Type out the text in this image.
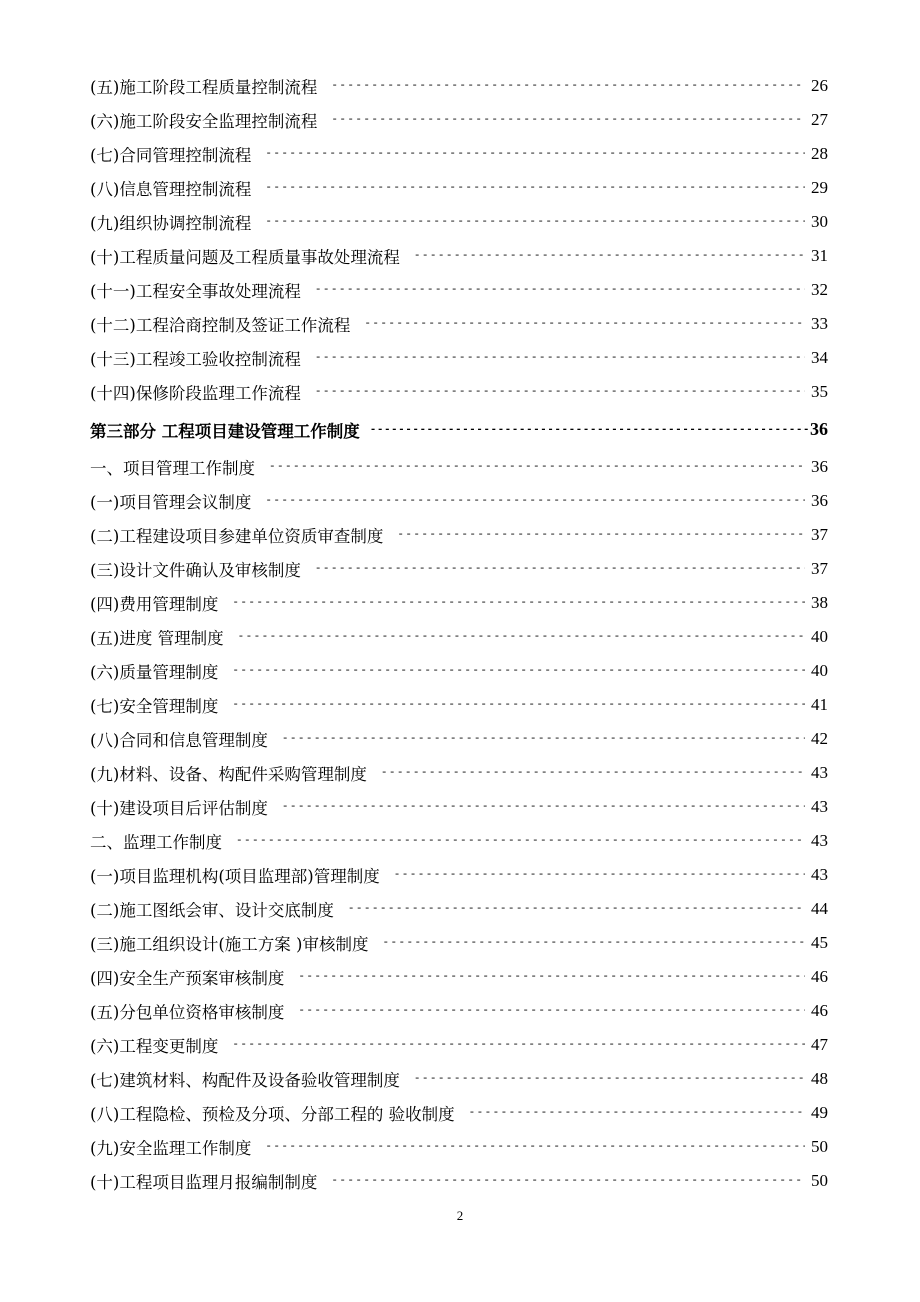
(五)施工阶段工程质量控制流程 -----	26
(六)施工阶段安全监理控制流程 -----	27
(七)合同管理控制流程 -----	28
(八)信息管理控制流程 -----	29
(九)组织协调控制流程 -----	30
(十)工程质量问题及工程质量事故处理流程 -----	31
(十一)工程安全事故处理流程 -----	32
(十二)工程洽商控制及签证工作流程 -----	33
(十三)工程竣工验收控制流程 -----	34
(十四)保修阶段监理工作流程 -----	35
第三部分 工程项目建设管理工作制度 -----	36
一、项目管理工作制度 -----	36
(一)项目管理会议制度 -----	36
(二)工程建设项目参建单位资质审查制度 -----	37
(三)设计文件确认及审核制度 -----	37
(四)费用管理制度 -----	38
(五)进度 管理制度 -----	40
(六)质量管理制度 -----	40
(七)安全管理制度 -----	41
(八)合同和信息管理制度 -----	42
(九)材料、设备、构配件采购管理制度 -----	43
(十)建设项目后评估制度 -----	43
二、监理工作制度 -----	43
(一)项目监理机构(项目监理部)管理制度 -----	43
(二)施工图纸会审、设计交底制度 -----	44
(三)施工组织设计(施工方案 )审核制度 -----	45
(四)安全生产预案审核制度 -----	46
(五)分包单位资格审核制度 -----	46
(六)工程变更制度 -----	47
(七)建筑材料、构配件及设备验收管理制度 -----	48
(八)工程隐检、预检及分项、分部工程的 验收制度 -----	49
(九)安全监理工作制度 -----	50
(十)工程项目监理月报编制制度 -----	50
2
